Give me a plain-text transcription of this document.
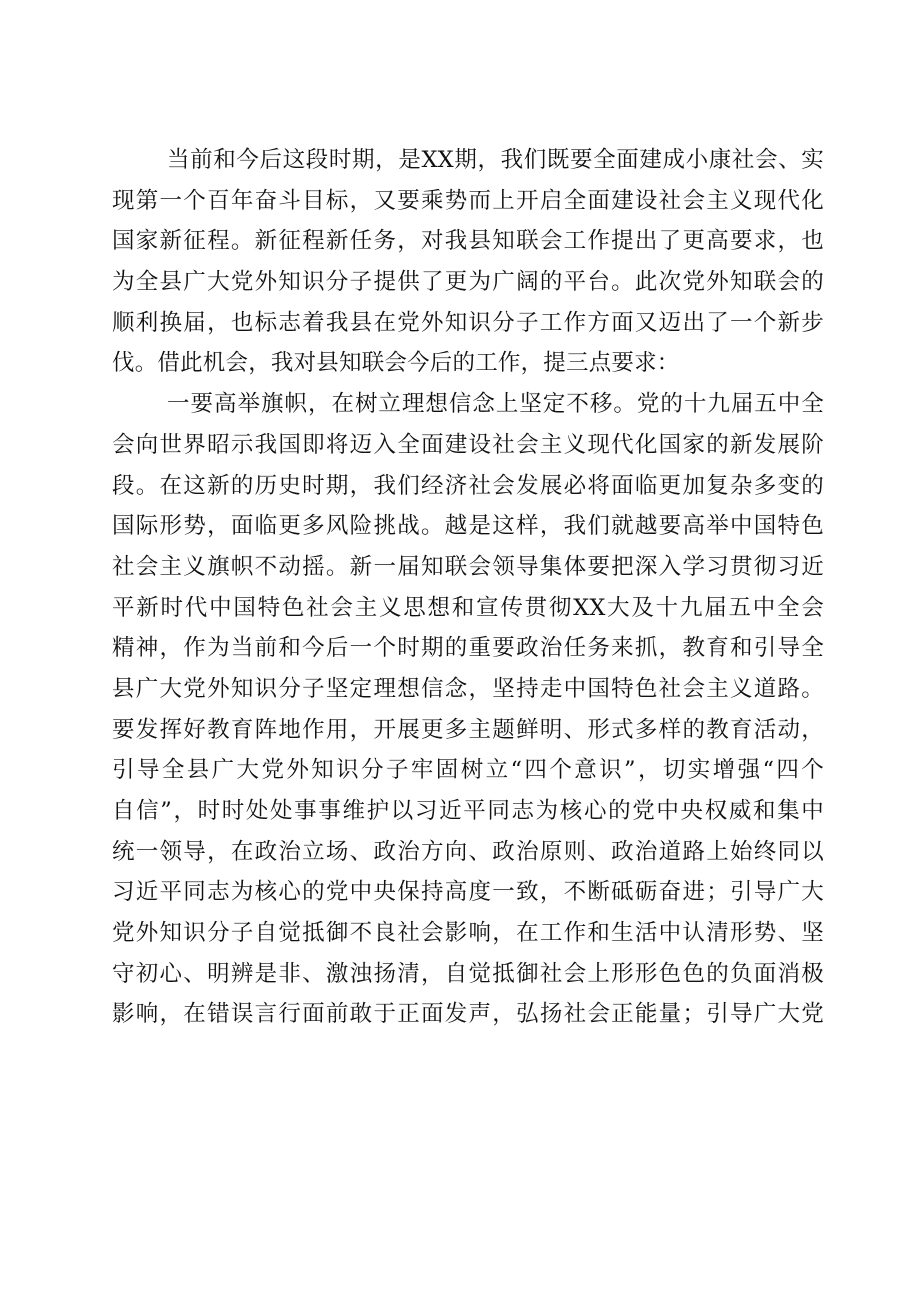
当前和今后这段时期，是XX期，我们既要全面建成小康社会、实
现第一个百年奋斗目标，又要乘势而上开启全面建设社会主义现代化
国家新征程。新征程新任务，对我县知联会工作提出了更高要求，也
为全县广大党外知识分子提供了更为广阔的平台。此次党外知联会的
顺利换届，也标志着我县在党外知识分子工作方面又迈出了一个新步
伐。借此机会，我对县知联会今后的工作，提三点要求：
一要高举旗帜，在树立理想信念上坚定不移。党的十九届五中全
会向世界昭示我国即将迈入全面建设社会主义现代化国家的新发展阶
段。在这新的历史时期，我们经济社会发展必将面临更加复杂多变的
国际形势，面临更多风险挑战。越是这样，我们就越要高举中国特色
社会主义旗帜不动摇。新一届知联会领导集体要把深入学习贯彻习近
平新时代中国特色社会主义思想和宣传贯彻XX大及十九届五中全会
精神，作为当前和今后一个时期的重要政治任务来抓，教育和引导全
县广大党外知识分子坚定理想信念，坚持走中国特色社会主义道路。
要发挥好教育阵地作用，开展更多主题鲜明、形式多样的教育活动，
引导全县广大党外知识分子牢固树立“四个意识”，切实增强“四个
自信”，时时处处事事维护以习近平同志为核心的党中央权威和集中
统一领导，在政治立场、政治方向、政治原则、政治道路上始终同以
习近平同志为核心的党中央保持高度一致，不断砥砺奋进；引导广大
党外知识分子自觉抵御不良社会影响，在工作和生活中认清形势、坚
守初心、明辨是非、激浊扬清，自觉抵御社会上形形色色的负面消极
影响，在错误言行面前敢于正面发声，弘扬社会正能量；引导广大党
